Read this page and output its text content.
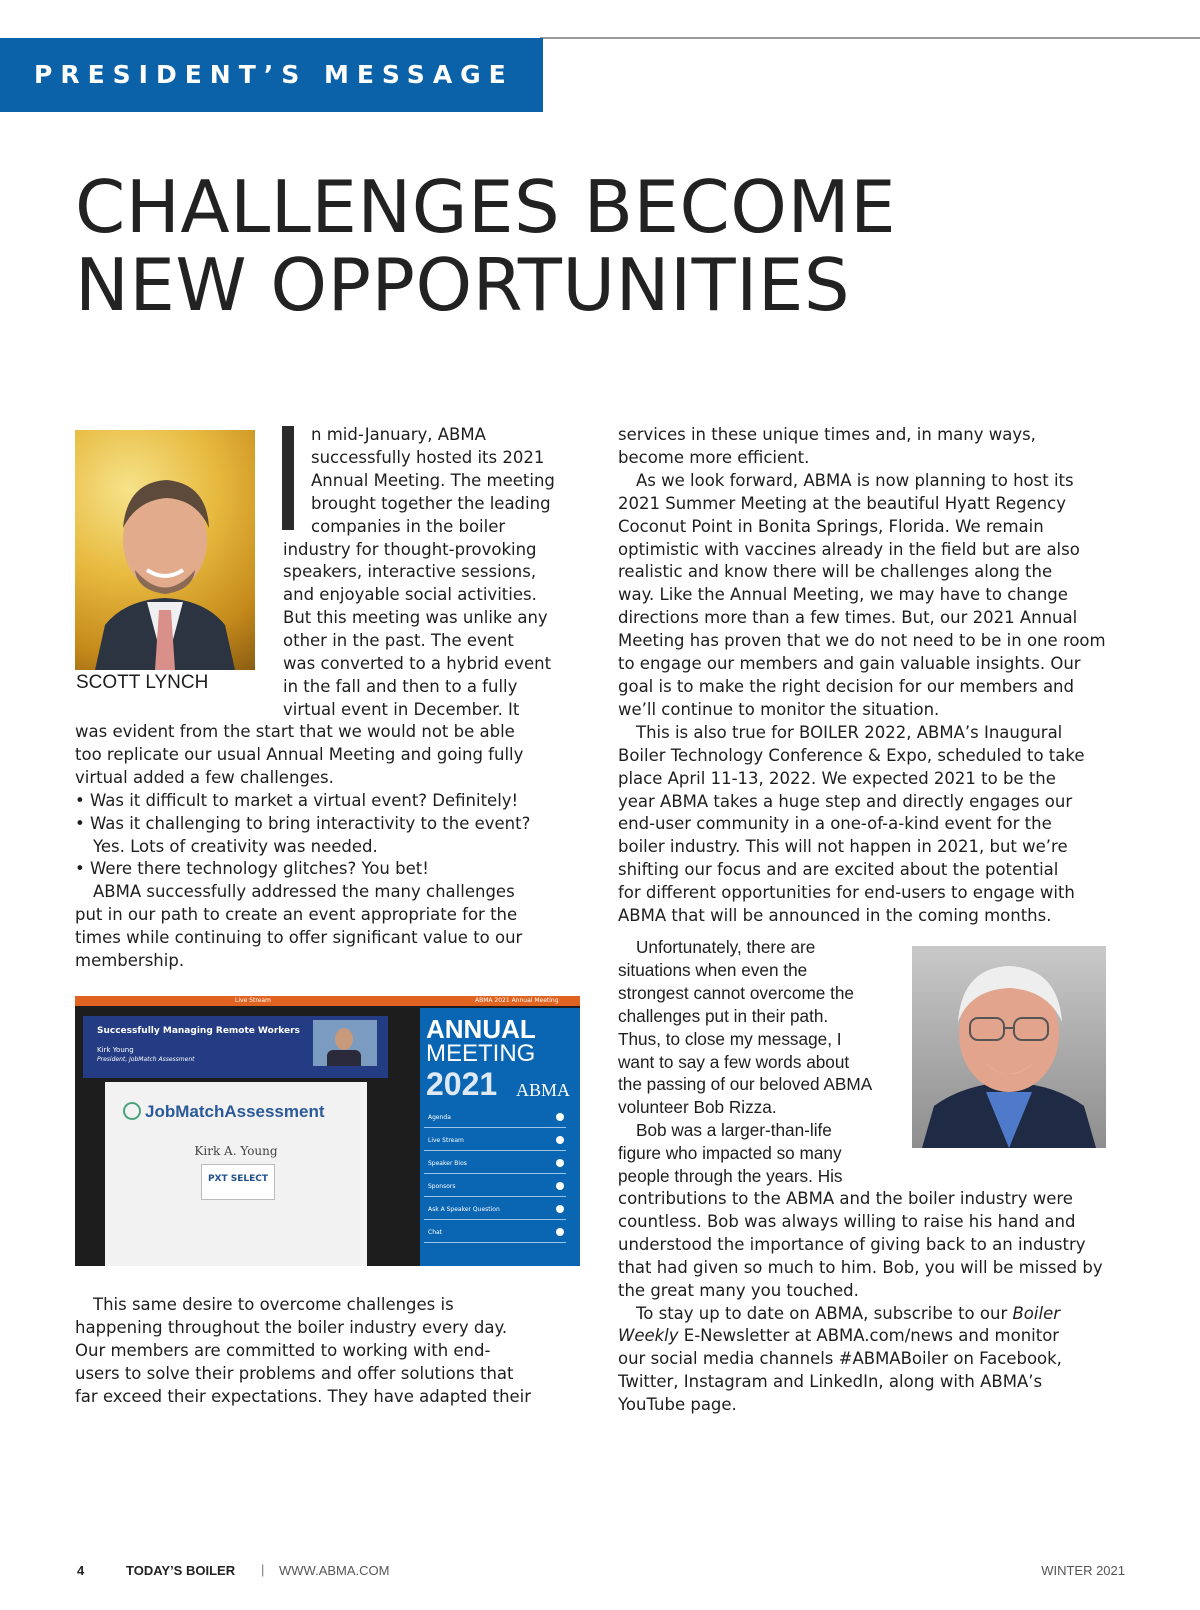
PRESIDENT’S MESSAGE
CHALLENGES BECOME
NEW OPPORTUNITIES
SCOTT LYNCH
n mid-January, ABMA
successfully hosted its 2021
Annual Meeting. The meeting
brought together the leading
companies in the boiler
industry for thought-provoking
speakers, interactive sessions,
and enjoyable social activities.
But this meeting was unlike any
other in the past. The event
was converted to a hybrid event
in the fall and then to a fully
virtual event in December. It
was evident from the start that we would not be able
too replicate our usual Annual Meeting and going fully
virtual added a few challenges.
• Was it difficult to market a virtual event? Definitely!
• Was it challenging to bring interactivity to the event?
Yes. Lots of creativity was needed.
• Were there technology glitches? You bet!
ABMA successfully addressed the many challenges
put in our path to create an event appropriate for the
times while continuing to offer significant value to our
membership.
Live Stream	ABMA 2021 Annual Meeting
Successfully Managing Remote Workers
Kirk Young
President, JobMatch Assessment
JobMatchAssessment
Kirk A. Young
PXT SELECT
ANNUAL
MEETING
2021 ABMA
Agenda
Live Stream
Speaker Bios
Sponsors
Ask A Speaker Question
Chat
This same desire to overcome challenges is
happening throughout the boiler industry every day.
Our members are committed to working with end-
users to solve their problems and offer solutions that
far exceed their expectations. They have adapted their
services in these unique times and, in many ways,
become more efficient.
As we look forward, ABMA is now planning to host its
2021 Summer Meeting at the beautiful Hyatt Regency
Coconut Point in Bonita Springs, Florida. We remain
optimistic with vaccines already in the field but are also
realistic and know there will be challenges along the
way. Like the Annual Meeting, we may have to change
directions more than a few times. But, our 2021 Annual
Meeting has proven that we do not need to be in one room
to engage our members and gain valuable insights. Our
goal is to make the right decision for our members and
we’ll continue to monitor the situation.
This is also true for BOILER 2022, ABMA’s Inaugural
Boiler Technology Conference & Expo, scheduled to take
place April 11-13, 2022. We expected 2021 to be the
year ABMA takes a huge step and directly engages our
end-user community in a one-of-a-kind event for the
boiler industry. This will not happen in 2021, but we’re
shifting our focus and are excited about the potential
for different opportunities for end-users to engage with
ABMA that will be announced in the coming months.
Unfortunately, there are
situations when even the
strongest cannot overcome the
challenges put in their path.
Thus, to close my message, I
want to say a few words about
the passing of our beloved ABMA
volunteer Bob Rizza.
Bob was a larger-than-life
figure who impacted so many
people through the years. His
contributions to the ABMA and the boiler industry were
countless. Bob was always willing to raise his hand and
understood the importance of giving back to an industry
that had given so much to him. Bob, you will be missed by
the great many you touched.
To stay up to date on ABMA, subscribe to our Boiler
Weekly E-Newsletter at ABMA.com/news and monitor
our social media channels #ABMABoiler on Facebook,
Twitter, Instagram and LinkedIn, along with ABMA’s
YouTube page.
4	TODAY’S BOILER | WWW.ABMA.COM	WINTER 2021
